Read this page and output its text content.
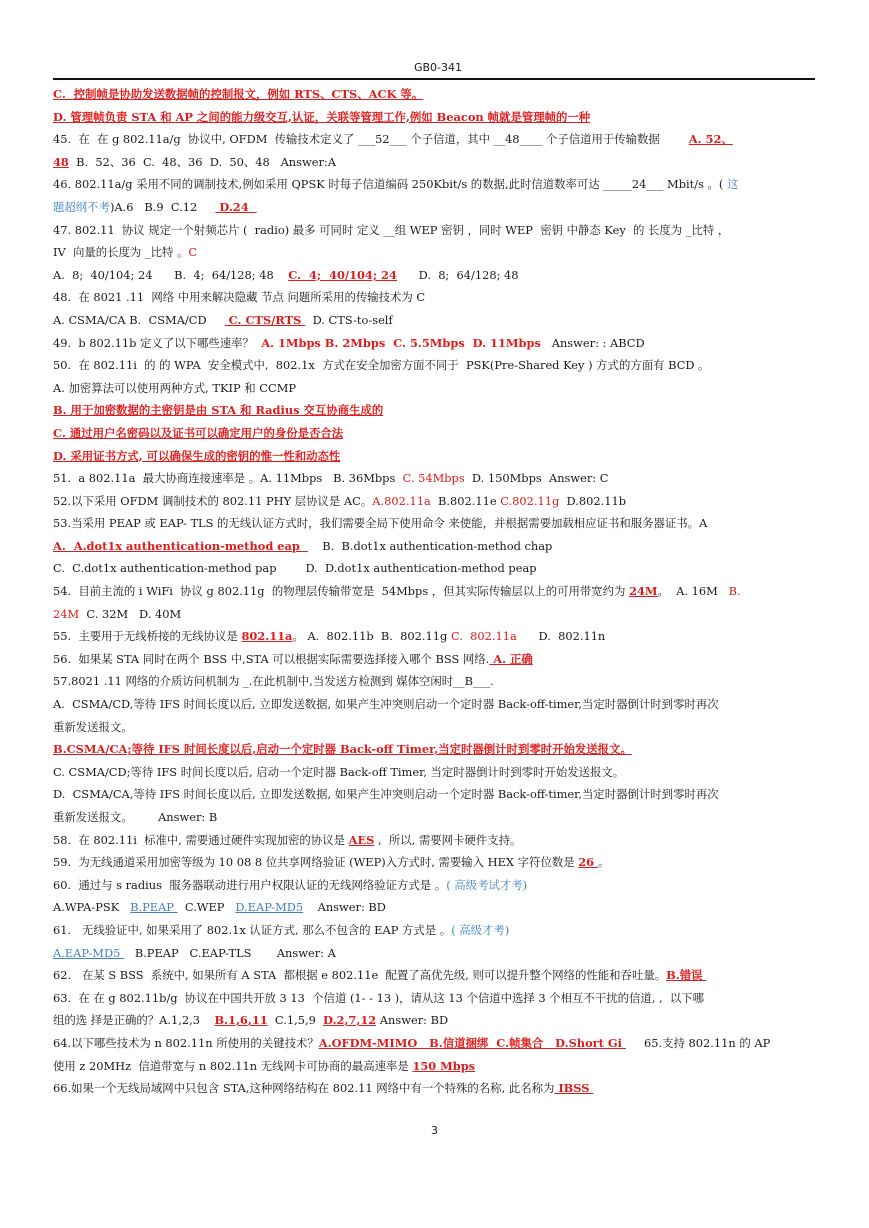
GB0-341
C.  控制帧是协助发送数据帧的控制报文，例如 RTS、CTS、ACK 等。
D. 管理帧负责 STA 和 AP 之间的能力级交互,认证，关联等管理工作,例如 Beacon 帧就是管理帧的一种
45.  在  在 g 802.11a/g  协议中, OFDM  传输技术定义了 ___52___ 个子信道，其中 __48____ 个子信道用于传输数据        A. 52、
48  B.  52、36  C.  48、36  D.  50、48   Answer:A
46. 802.11a/g 采用不同的调制技术,例如采用 QPSK 时每子信道编码 250Kbit/s 的数据,此时信道数率可达 _____24___ Mbit/s 。( 这
题超纲不考)A.6   B.9  C.12      D.24
47. 802.11  协议 规定一个射频芯片 (  radio) 最多 可同时 定义 __组 WEP 密钥 ，同时 WEP  密钥 中静态 Key  的 长度为 _比特 ，
IV  向量的长度为 _比特 。C
A.  8;  40/104; 24      B.  4;  64/128; 48    C.  4;  40/104; 24      D.  8;  64/128; 48
48.  在 8021 .11  网络 中用来解决隐藏 节点 问题所采用的传输技术为 C
A. CSMA/CA B.  CSMA/CD      C. CTS/RTS   D. CTS-to-self
49.  b 802.11b 定义了以下哪些速率？  A. 1Mbps B. 2Mbps  C. 5.5Mbps  D. 11Mbps   Answer: : ABCD
50.  在 802.11i  的 的 WPA  安全模式中,  802.1x  方式在安全加密方面不同于  PSK(Pre-Shared Key ) 方式的方面有 BCD 。
A. 加密算法可以使用两种方式, TKIP 和 CCMP
B. 用于加密数据的主密钥是由 STA 和 Radius 交互协商生成的
C. 通过用户名密码以及证书可以确定用户的身份是否合法
D. 采用证书方式, 可以确保生成的密钥的惟一性和动态性
51.  a 802.11a  最大协商连接速率是 。A. 11Mbps   B. 36Mbps  C. 54Mbps  D. 150Mbps  Answer: C
52.以下采用 OFDM 调制技术的 802.11 PHY 层协议是 AC。A.802.11a  B.802.11e C.802.11g  D.802.11b
53.当采用 PEAP 或 EAP- TLS 的无线认证方式时，我们需要全局下使用命令 来使能，并根据需要加载相应证书和服务器证书。A
A.  A.dot1x authentication-method eap      B.  B.dot1x authentication-method chap
C.  C.dot1x authentication-method pap        D.  D.dot1x authentication-method peap
54.  目前主流的 i WiFi  协议 g 802.11g  的物理层传输带宽是  54Mbps ，但其实际传输层以上的可用带宽约为 24M。  A. 16M   B.
24M  C. 32M   D. 40M
55.  主要用于无线桥接的无线协议是 802.11a。 A.  802.11b  B.  802.11g C.  802.11a      D.  802.11n
56.  如果某 STA 同时在两个 BSS 中,STA 可以根据实际需要选择接入哪个 BSS 网络. A. 正确
57.8021 .11 网络的介质访问机制为 _.在此机制中,当发送方检测到 媒体空闲时__B___.
A.  CSMA/CD,等待 IFS 时间长度以后, 立即发送数据, 如果产生冲突则启动一个定时器 Back-off-timer,当定时器倒计时到零时再次
重新发送报文。
B.CSMA/CA;等待 IFS 时间长度以后,启动一个定时器 Back-off Timer,当定时器倒计时到零时开始发送报文。
C. CSMA/CD;等待 IFS 时间长度以后, 启动一个定时器 Back-off Timer, 当定时器倒计时到零时开始发送报文。
D.  CSMA/CA,等待 IFS 时间长度以后, 立即发送数据, 如果产生冲突则启动一个定时器 Back-off-timer,当定时器倒计时到零时再次
重新发送报文。       Answer: B
58.  在 802.11i  标准中, 需要通过硬件实现加密的协议是 AES ,  所以, 需要网卡硬件支持。
59.  为无线通道采用加密等级为 10 08 8 位共享网络验证 (WEP)入方式时, 需要输入 HEX 字符位数是 26 。
60.  通过与 s radius  服务器联动进行用户权限认证的无线网络验证方式是 。( 高级考试才考)
A.WPA-PSK   B.PEAP   C.WEP   D.EAP-MD5    Answer: BD
61.   无线验证中, 如果采用了 802.1x 认证方式, 那么不包含的 EAP 方式是 。( 高级才考)
A.EAP-MD5    B.PEAP   C.EAP-TLS       Answer: A
62.   在某 S BSS  系统中, 如果所有 A STA  都根据 e 802.11e  配置了高优先级, 则可以提升整个网络的性能和吞吐量。B.错误
63.  在 在 g 802.11b/g  协议在中国共开放 3 13  个信道 (1- - 13 )，请从这 13 个信道中选择 3 个相互不干扰的信道, ,  以下哪
组的选 择是正确的？A.1,2,3    B.1,6,11  C.1,5,9  D.2,7,12 Answer: BD
64.以下哪些技术为 n 802.11n 所使用的关键技术？A.OFDM-MIMO   B.信道捆绑  C.帧集合   D.Short Gi      65.支持 802.11n 的 AP
使用 z 20MHz  信道带宽与 n 802.11n 无线网卡可协商的最高速率是 150 Mbps
66.如果一个无线局域网中只包含 STA,这种网络结构在 802.11 网络中有一个特殊的名称, 此名称为 IBSS
3
